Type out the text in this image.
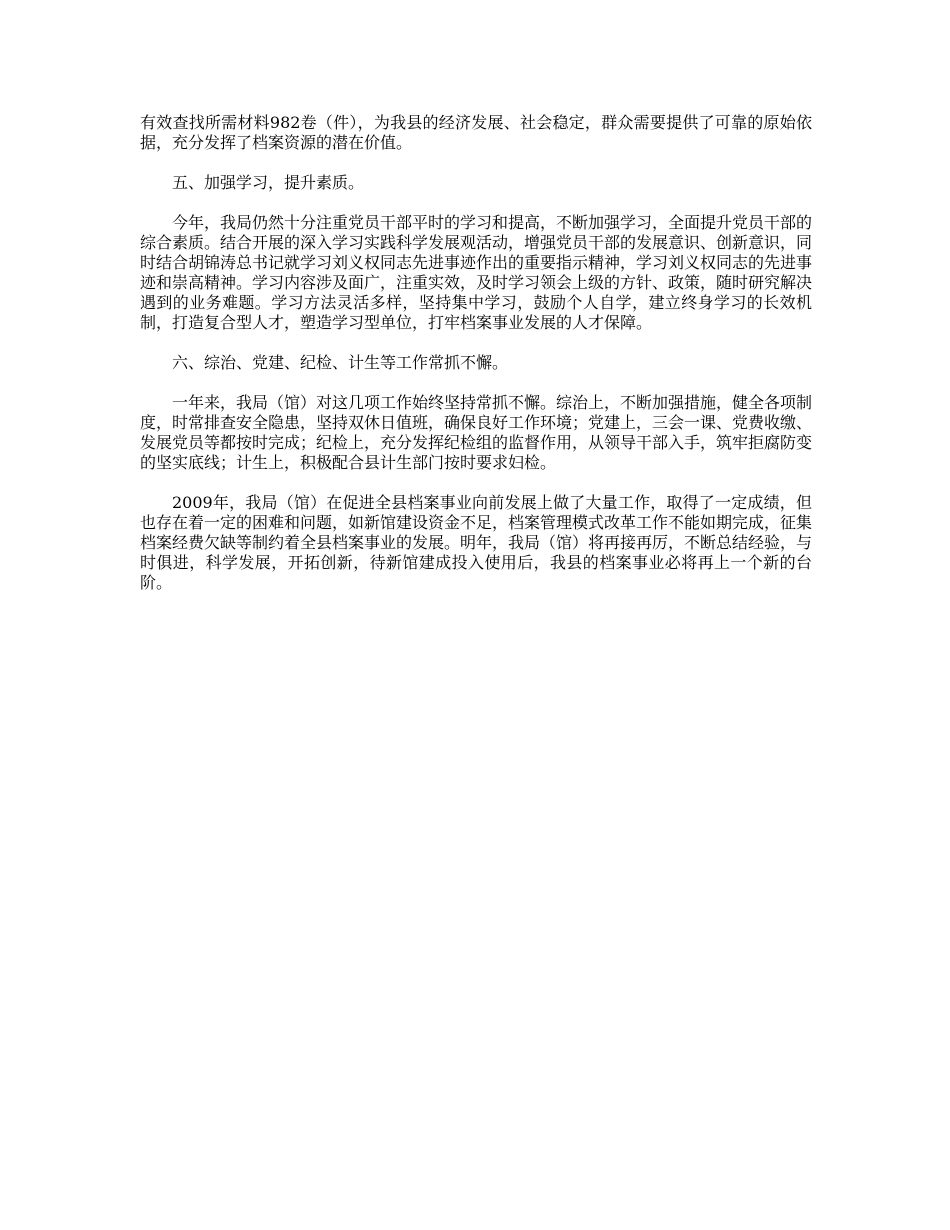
有效查找所需材料982卷（件），为我县的经济发展、社会稳定，群众需要提供了可靠的原始依据，充分发挥了档案资源的潜在价值。

五、加强学习，提升素质。

今年，我局仍然十分注重党员干部平时的学习和提高，不断加强学习，全面提升党员干部的综合素质。结合开展的深入学习实践科学发展观活动，增强党员干部的发展意识、创新意识，同时结合胡锦涛总书记就学习刘义权同志先进事迹作出的重要指示精神，学习刘义权同志的先进事迹和崇高精神。学习内容涉及面广，注重实效，及时学习领会上级的方针、政策，随时研究解决遇到的业务难题。学习方法灵活多样，坚持集中学习，鼓励个人自学，建立终身学习的长效机制，打造复合型人才，塑造学习型单位，打牢档案事业发展的人才保障。

六、综治、党建、纪检、计生等工作常抓不懈。

一年来，我局（馆）对这几项工作始终坚持常抓不懈。综治上，不断加强措施，健全各项制度，时常排查安全隐患，坚持双休日值班，确保良好工作环境；党建上，三会一课、党费收缴、发展党员等都按时完成；纪检上，充分发挥纪检组的监督作用，从领导干部入手，筑牢拒腐防变的坚实底线；计生上，积极配合县计生部门按时要求妇检。

2009年，我局（馆）在促进全县档案事业向前发展上做了大量工作，取得了一定成绩，但也存在着一定的困难和问题，如新馆建设资金不足，档案管理模式改革工作不能如期完成，征集档案经费欠缺等制约着全县档案事业的发展。明年，我局（馆）将再接再厉，不断总结经验，与时俱进，科学发展，开拓创新，待新馆建成投入使用后，我县的档案事业必将再上一个新的台阶。
